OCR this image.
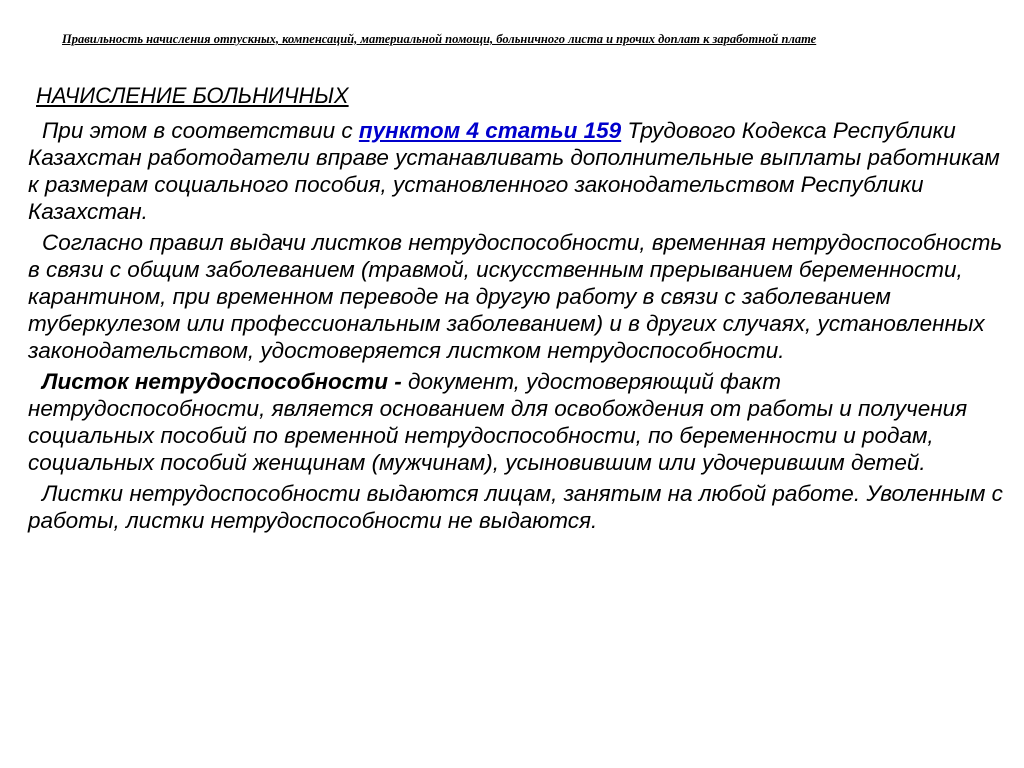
Правильность начисления отпускных, компенсаций, материальной помощи, больничного листа и прочих доплат к заработной плате
НАЧИСЛЕНИЕ БОЛЬНИЧНЫХ

При этом в соответствии с пунктом 4 статьи 159 Трудового Кодекса Республики Казахстан работодатели вправе устанавливать дополнительные выплаты работникам к размерам социального пособия, установленного законодательством Республики Казахстан.

Согласно правил выдачи листков нетрудоспособности, временная нетрудоспособность в связи с общим заболеванием (травмой, искусственным прерыванием беременности, карантином, при временном переводе на другую работу в связи с заболеванием туберкулезом или профессиональным заболеванием) и в других случаях, установленных законодательством, удостоверяется листком нетрудоспособности.

Листок нетрудоспособности - документ, удостоверяющий факт нетрудоспособности, является основанием для освобождения от работы и получения социальных пособий по временной нетрудоспособности, по беременности и родам, социальных пособий женщинам (мужчинам), усыновившим или удочерившим детей.

Листки нетрудоспособности выдаются лицам, занятым на любой работе. Уволенным с работы, листки нетрудоспособности не выдаются.
